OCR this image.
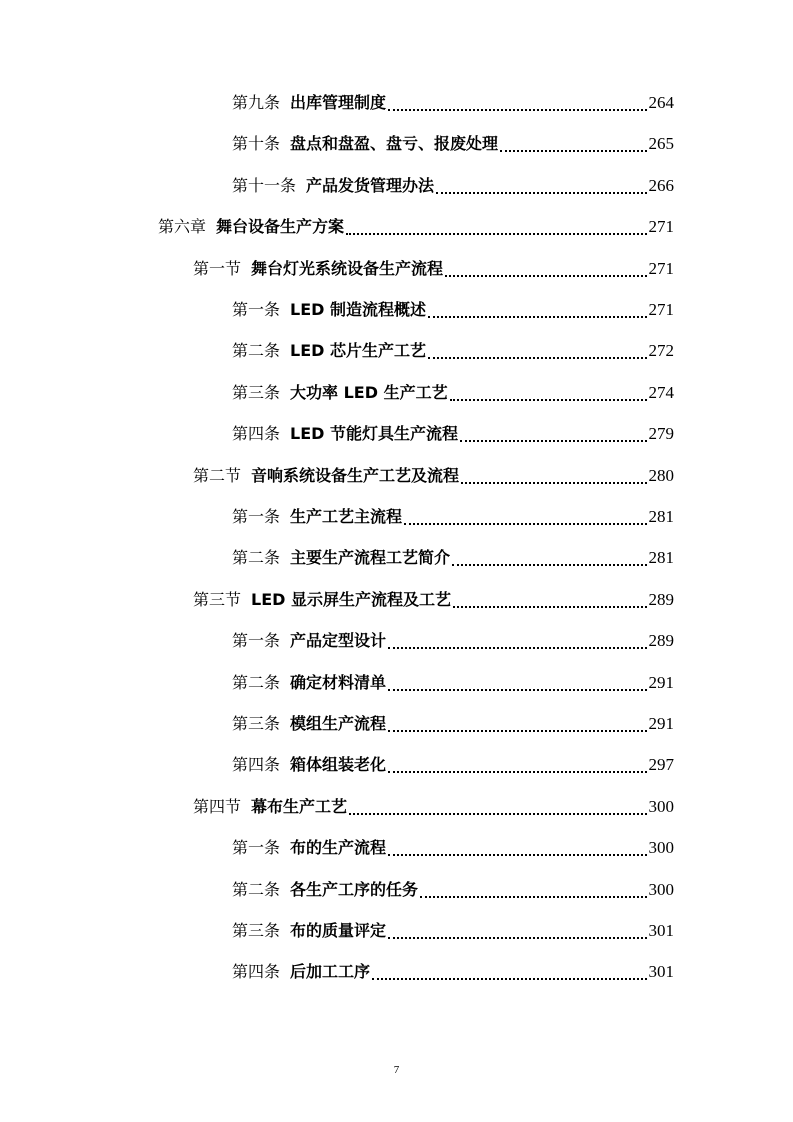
第九条 出库管理制度	264
第十条 盘点和盘盈、盘亏、报废处理	265
第十一条 产品发货管理办法	266
第六章 舞台设备生产方案	271
第一节 舞台灯光系统设备生产流程	271
第一条 LED 制造流程概述	271
第二条 LED 芯片生产工艺	272
第三条 大功率 LED 生产工艺	274
第四条 LED 节能灯具生产流程	279
第二节 音响系统设备生产工艺及流程	280
第一条 生产工艺主流程	281
第二条 主要生产流程工艺简介	281
第三节 LED 显示屏生产流程及工艺	289
第一条 产品定型设计	289
第二条 确定材料清单	291
第三条 模组生产流程	291
第四条 箱体组装老化	297
第四节 幕布生产工艺	300
第一条 布的生产流程	300
第二条 各生产工序的任务	300
第三条 布的质量评定	301
第四条 后加工工序	301
7
